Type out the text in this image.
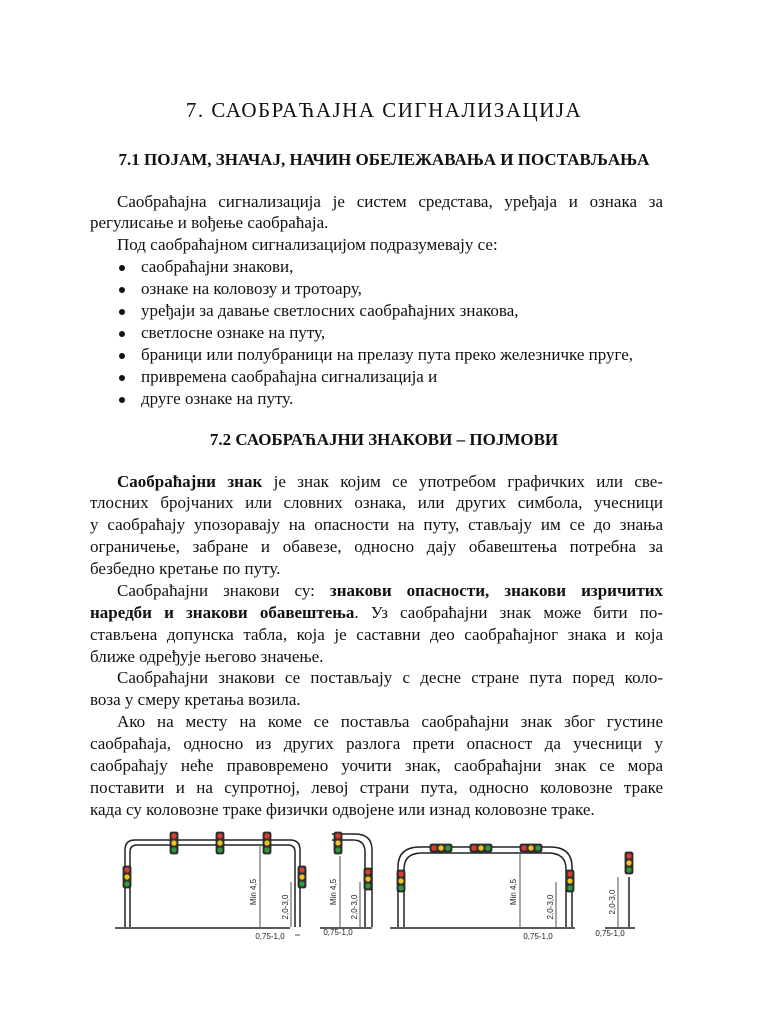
7. САОБРАЋАЈНА СИГНАЛИЗАЦИЈА
7.1 ПОЈАМ, ЗНАЧАЈ, НАЧИН ОБЕЛЕЖАВАЊА И ПОСТАВЉАЊА
Саобраћајна сигнализација је систем средстава, уређаја и ознака за
регулисање и вођење саобраћаја.
Под саобраћајном сигнализацијом подразумевају се:
саобраћајни знакови,
ознаке на коловозу и тротоару,
уређаји за давање светлосних саобраћајних знакова,
светлосне ознаке на путу,
браници или полубраници на прелазу пута преко железничке пруге,
привремена саобраћајна сигнализација и
друге ознаке на путу.
7.2 САОБРАЋАЈНИ ЗНАКОВИ – ПОЈМОВИ
Саобраћајни знак је знак којим се употребом графичких или све-
тлосних бројчаних или словних ознака, или других симбола, учесници
у саобраћају упозоравају на опасности на путу, стављају им се до знања
ограничење, забране и обавезе, односно дају обавештења потребна за
безбедно кретање по путу.
Саобраћајни знакови су: знакови опасности, знакови изричитих
наредби и знакови обавештења. Уз саобраћајни знак може бити по-
стављена допунска табла, која је саставни део саобраћајног знака и која
ближе одређује његово значење.
Саобраћајни знакови се постављају с десне стране пута поред коло-
воза у смеру кретања возила.
Ако на месту на коме се поставља саобраћајни знак због густине
саобраћаја, односно из других разлога прети опасност да учесници у
саобраћају неће правовремено уочити знак, саобраћајни знак се мора
поставити и на супротној, левој страни пута, односно коловозне траке
када су коловозне траке физички одвојене или изнад коловозне траке.
Min 4,5
2,0-3,0
0,75-1,0
Min 4,5
2,0-3,0
0,75-1,0
Min 4,5
2,0-3,0
0,75-1,0
2,0-3,0
0,75-1,0
